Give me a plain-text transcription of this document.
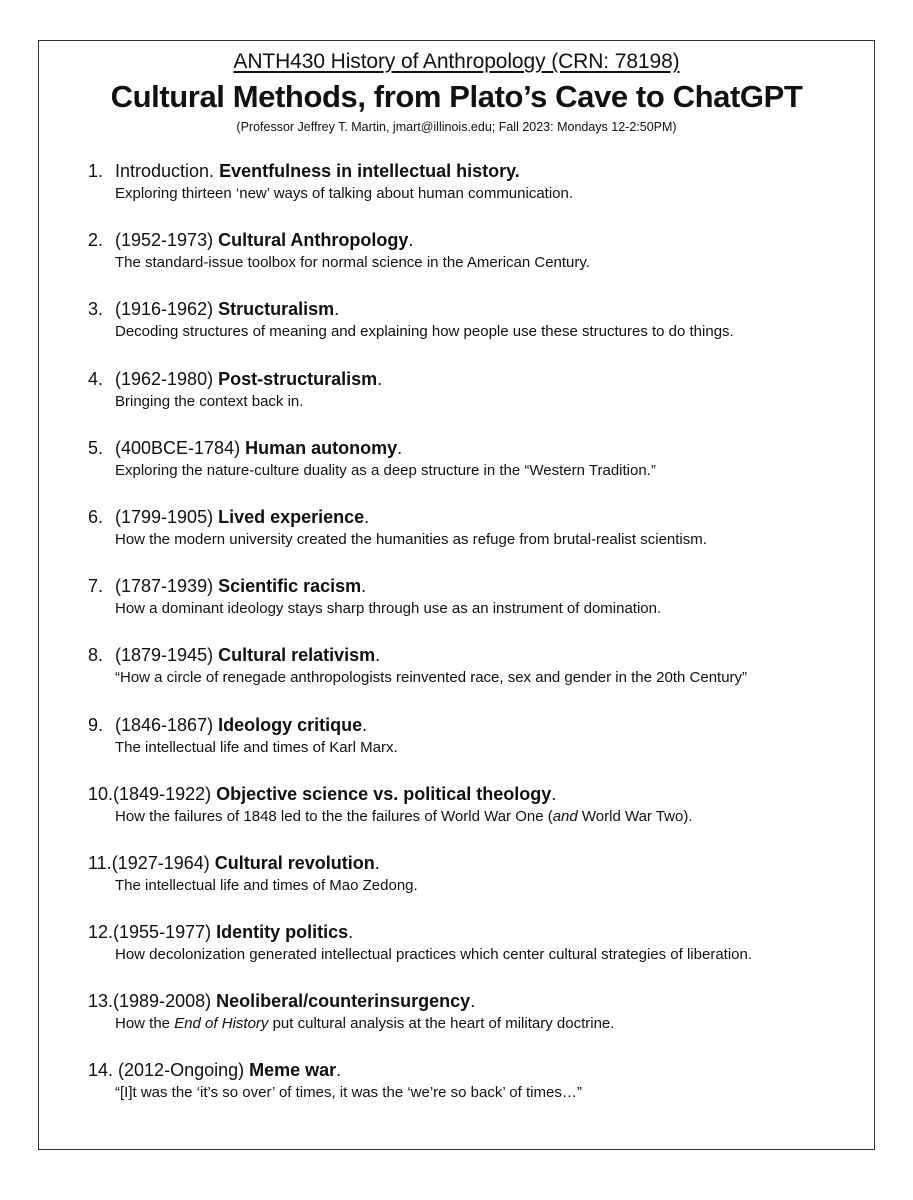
ANTH430 History of Anthropology (CRN: 78198)
Cultural Methods, from Plato’s Cave to ChatGPT
(Professor Jeffrey T. Martin, jmart@illinois.edu; Fall 2023: Mondays 12-2:50PM)
1. Introduction. Eventfulness in intellectual history.
Exploring thirteen ‘new’ ways of talking about human communication.
2. (1952-1973) Cultural Anthropology.
The standard-issue toolbox for normal science in the American Century.
3. (1916-1962) Structuralism.
Decoding structures of meaning and explaining how people use these structures to do things.
4. (1962-1980) Post-structuralism.
Bringing the context back in.
5. (400BCE-1784) Human autonomy.
Exploring the nature-culture duality as a deep structure in the “Western Tradition.”
6. (1799-1905) Lived experience.
How the modern university created the humanities as refuge from brutal-realist scientism.
7. (1787-1939) Scientific racism.
How a dominant ideology stays sharp through use as an instrument of domination.
8. (1879-1945) Cultural relativism.
“How a circle of renegade anthropologists reinvented race, sex and gender in the 20th Century”
9. (1846-1867) Ideology critique.
The intellectual life and times of Karl Marx.
10.(1849-1922) Objective science vs. political theology.
How the failures of 1848 led to the the failures of World War One (and World War Two).
11.(1927-1964) Cultural revolution.
The intellectual life and times of Mao Zedong.
12.(1955-1977) Identity politics.
How decolonization generated intellectual practices which center cultural strategies of liberation.
13.(1989-2008) Neoliberal/counterinsurgency.
How the End of History put cultural analysis at the heart of military doctrine.
14. (2012-Ongoing) Meme war.
“[I]t was the ‘it’s so over’ of times, it was the ‘we’re so back’ of times…”
